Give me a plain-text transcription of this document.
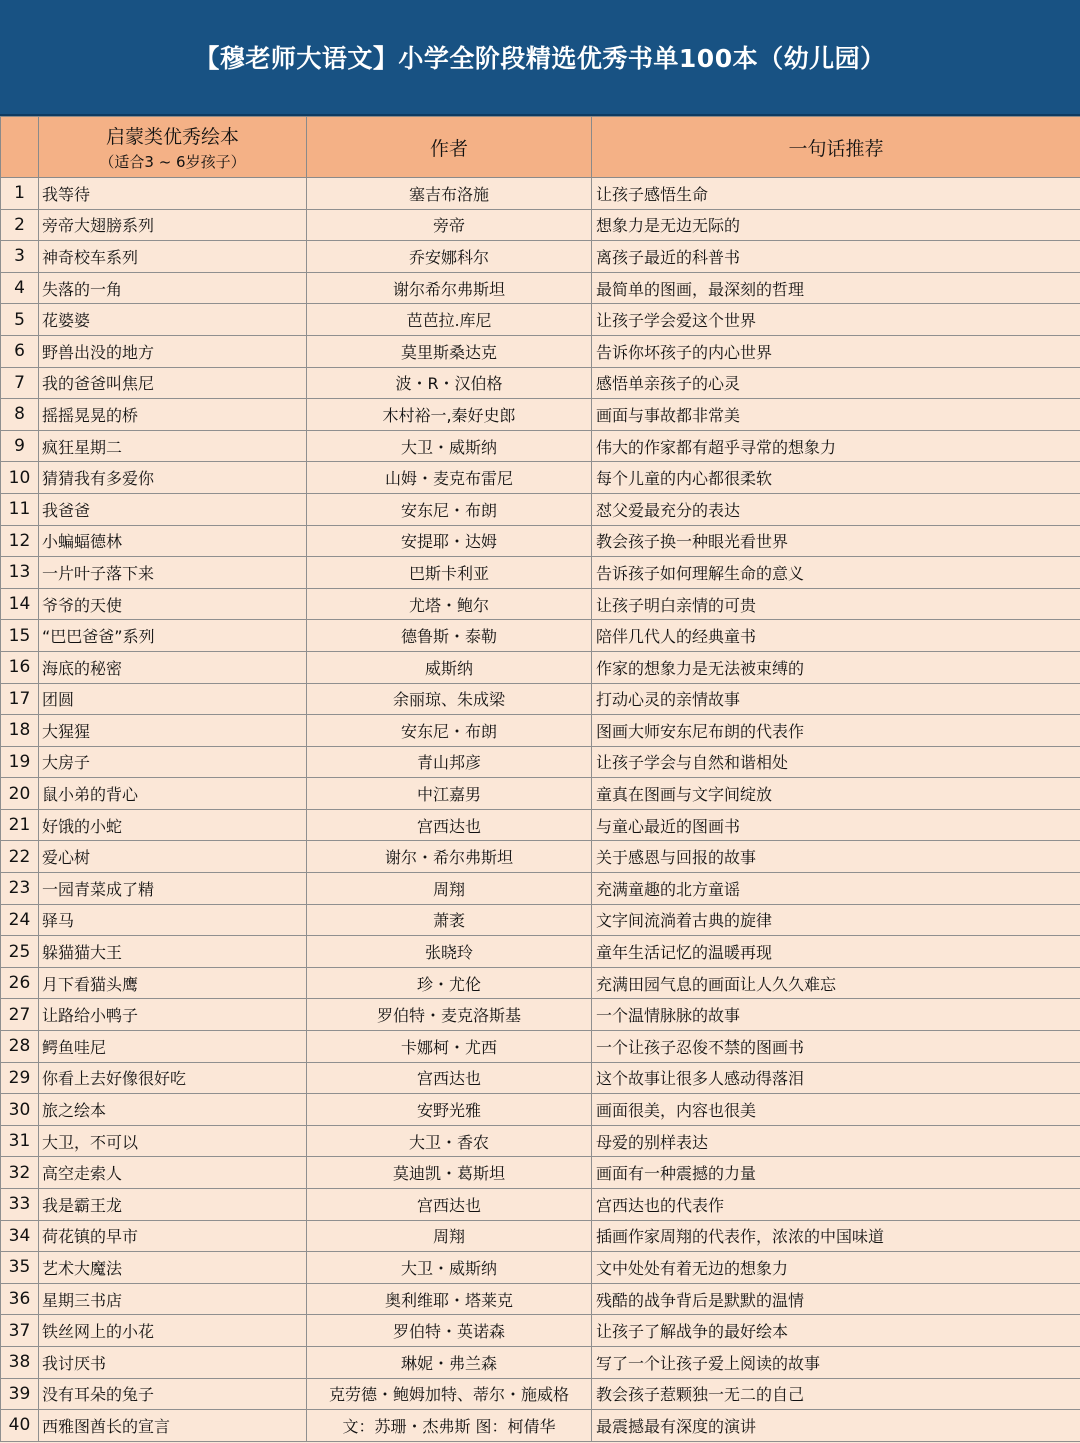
【穆老师大语文】小学全阶段精选优秀书单100本（幼儿园）
	启蒙类优秀绘本
（适合3 ~ 6岁孩子）	作者	一句话推荐
1	我等待	塞吉布洛施	让孩子感悟生命
2	旁帝大翅膀系列	旁帝	想象力是无边无际的
3	神奇校车系列	乔安娜科尔	离孩子最近的科普书
4	失落的一角	谢尔希尔弗斯坦	最简单的图画，最深刻的哲理
5	花婆婆	芭芭拉.库尼	让孩子学会爱这个世界
6	野兽出没的地方	莫里斯桑达克	告诉你坏孩子的内心世界
7	我的爸爸叫焦尼	波・R・汉伯格	感悟单亲孩子的心灵
8	摇摇晃晃的桥	木村裕一,秦好史郎	画面与事故都非常美
9	疯狂星期二	大卫・威斯纳	伟大的作家都有超乎寻常的想象力
10	猜猜我有多爱你	山姆・麦克布雷尼	每个儿童的内心都很柔软
11	我爸爸	安东尼・布朗	怼父爱最充分的表达
12	小蝙蝠德林	安提耶・达姆	教会孩子换一种眼光看世界
13	一片叶子落下来	巴斯卡利亚	告诉孩子如何理解生命的意义
14	爷爷的天使	尤塔・鲍尔	让孩子明白亲情的可贵
15	“巴巴爸爸”系列	德鲁斯・泰勒	陪伴几代人的经典童书
16	海底的秘密	威斯纳	作家的想象力是无法被束缚的
17	团圆	余丽琼、朱成梁	打动心灵的亲情故事
18	大猩猩	安东尼・布朗	图画大师安东尼布朗的代表作
19	大房子	青山邦彦	让孩子学会与自然和谐相处
20	鼠小弟的背心	中江嘉男	童真在图画与文字间绽放
21	好饿的小蛇	宫西达也	与童心最近的图画书
22	爱心树	谢尔・希尔弗斯坦	关于感恩与回报的故事
23	一园青菜成了精	周翔	充满童趣的北方童谣
24	驿马	萧袤	文字间流淌着古典的旋律
25	躲猫猫大王	张晓玲	童年生活记忆的温暖再现
26	月下看猫头鹰	珍・尤伦	充满田园气息的画面让人久久难忘
27	让路给小鸭子	罗伯特・麦克洛斯基	一个温情脉脉的故事
28	鳄鱼哇尼	卡娜柯・尤西	一个让孩子忍俊不禁的图画书
29	你看上去好像很好吃	宫西达也	这个故事让很多人感动得落泪
30	旅之绘本	安野光雅	画面很美，内容也很美
31	大卫，不可以	大卫・香农	母爱的别样表达
32	高空走索人	莫迪凯・葛斯坦	画面有一种震撼的力量
33	我是霸王龙	宫西达也	宫西达也的代表作
34	荷花镇的早市	周翔	插画作家周翔的代表作，浓浓的中国味道
35	艺术大魔法	大卫・威斯纳	文中处处有着无边的想象力
36	星期三书店	奥利维耶・塔莱克	残酷的战争背后是默默的温情
37	铁丝网上的小花	罗伯特・英诺森	让孩子了解战争的最好绘本
38	我讨厌书	琳妮・弗兰森	写了一个让孩子爱上阅读的故事
39	没有耳朵的兔子	克劳德・鲍姆加特、蒂尔・施威格	教会孩子惹颗独一无二的自己
40	西雅图酋长的宣言	文：苏珊・杰弗斯 图：柯倩华	最震撼最有深度的演讲
